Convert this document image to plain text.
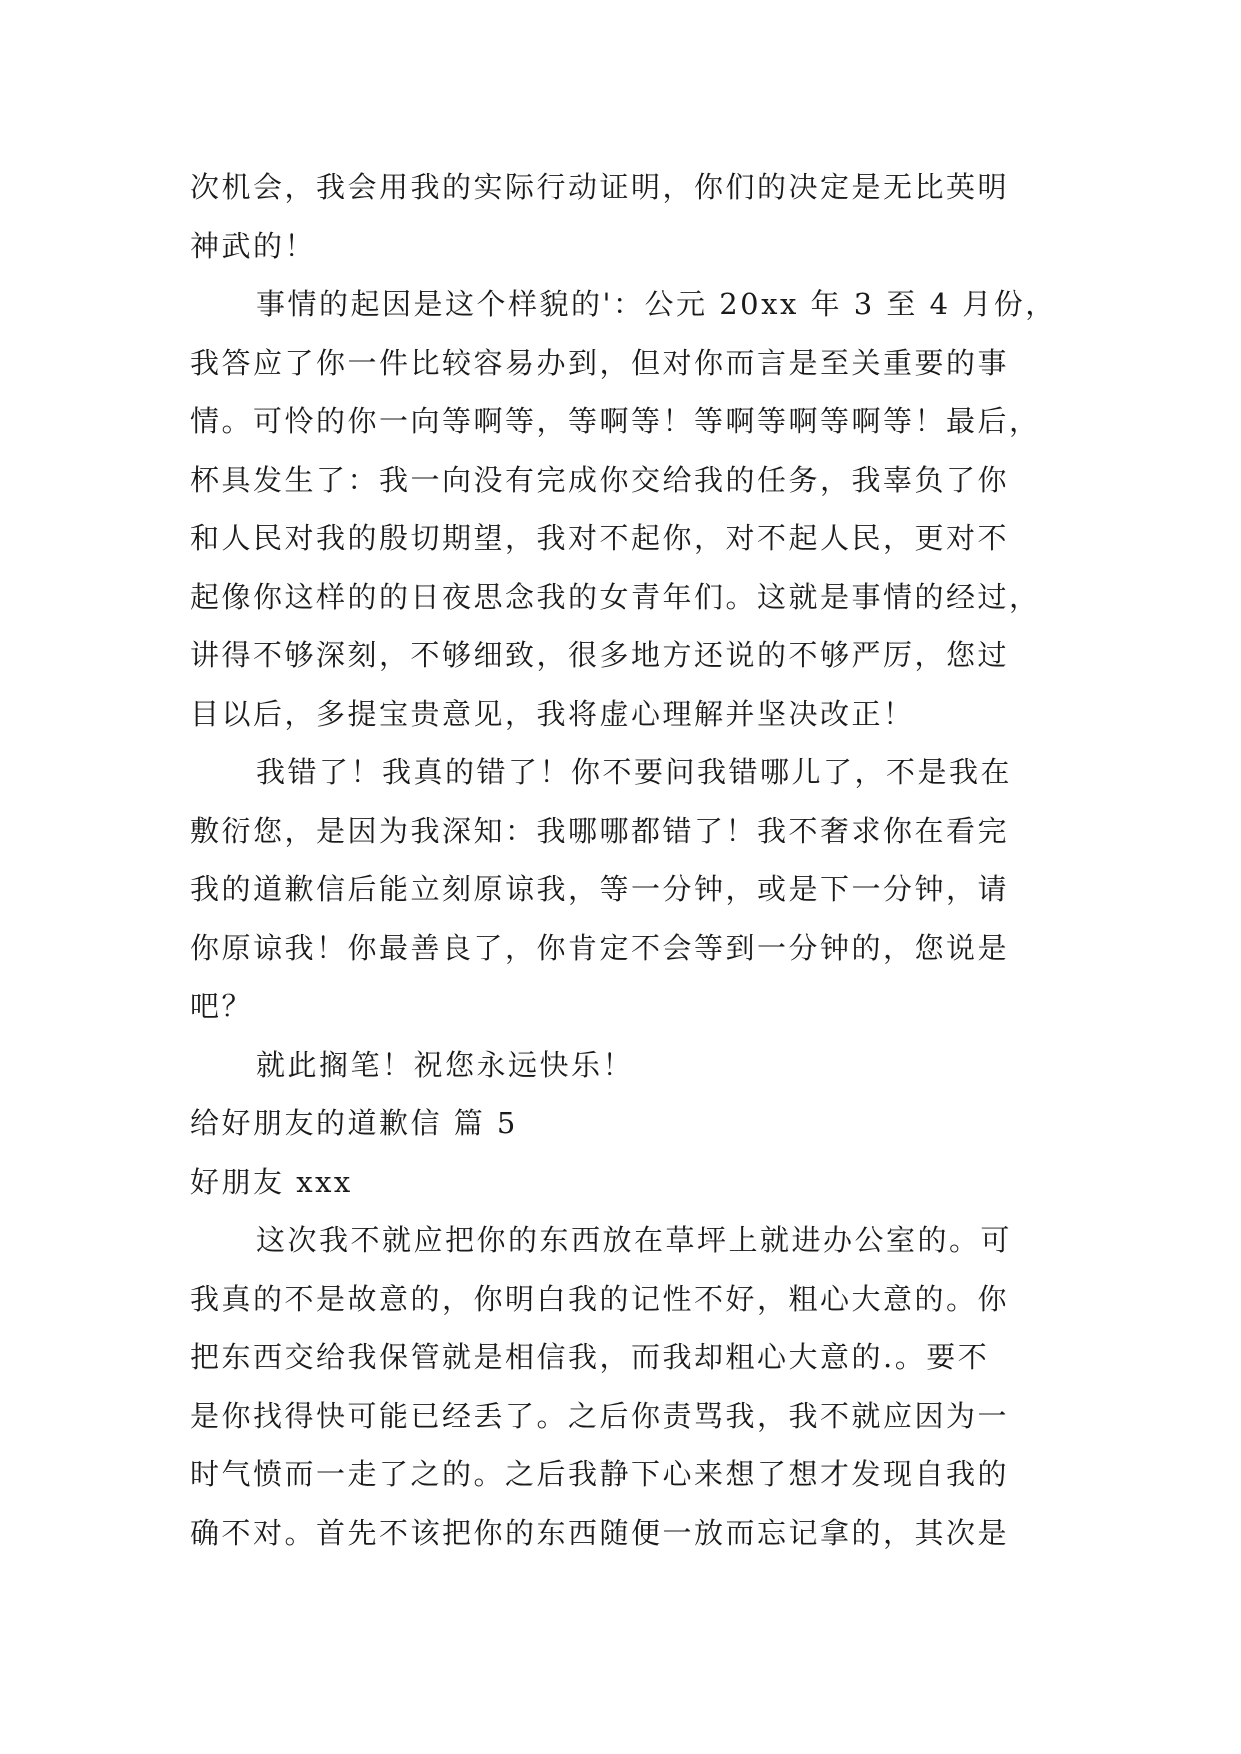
次机会，我会用我的实际行动证明，你们的决定是无比英明
神武的！
事情的起因是这个样貌的'：公元 20xx 年 3 至 4 月份，
我答应了你一件比较容易办到，但对你而言是至关重要的事
情。可怜的你一向等啊等，等啊等！等啊等啊等啊等！最后，
杯具发生了：我一向没有完成你交给我的任务，我辜负了你
和人民对我的殷切期望，我对不起你，对不起人民，更对不
起像你这样的的日夜思念我的女青年们。这就是事情的经过，
讲得不够深刻，不够细致，很多地方还说的不够严厉，您过
目以后，多提宝贵意见，我将虚心理解并坚决改正！
我错了！我真的错了！你不要问我错哪儿了，不是我在
敷衍您，是因为我深知：我哪哪都错了！我不奢求你在看完
我的道歉信后能立刻原谅我，等一分钟，或是下一分钟，请
你原谅我！你最善良了，你肯定不会等到一分钟的，您说是
吧？
就此搁笔！祝您永远快乐！
给好朋友的道歉信 篇 5
好朋友 xxx
这次我不就应把你的东西放在草坪上就进办公室的。可
我真的不是故意的，你明白我的记性不好，粗心大意的。你
把东西交给我保管就是相信我，而我却粗心大意的.。要不
是你找得快可能已经丢了。之后你责骂我，我不就应因为一
时气愤而一走了之的。之后我静下心来想了想才发现自我的
确不对。首先不该把你的东西随便一放而忘记拿的，其次是
